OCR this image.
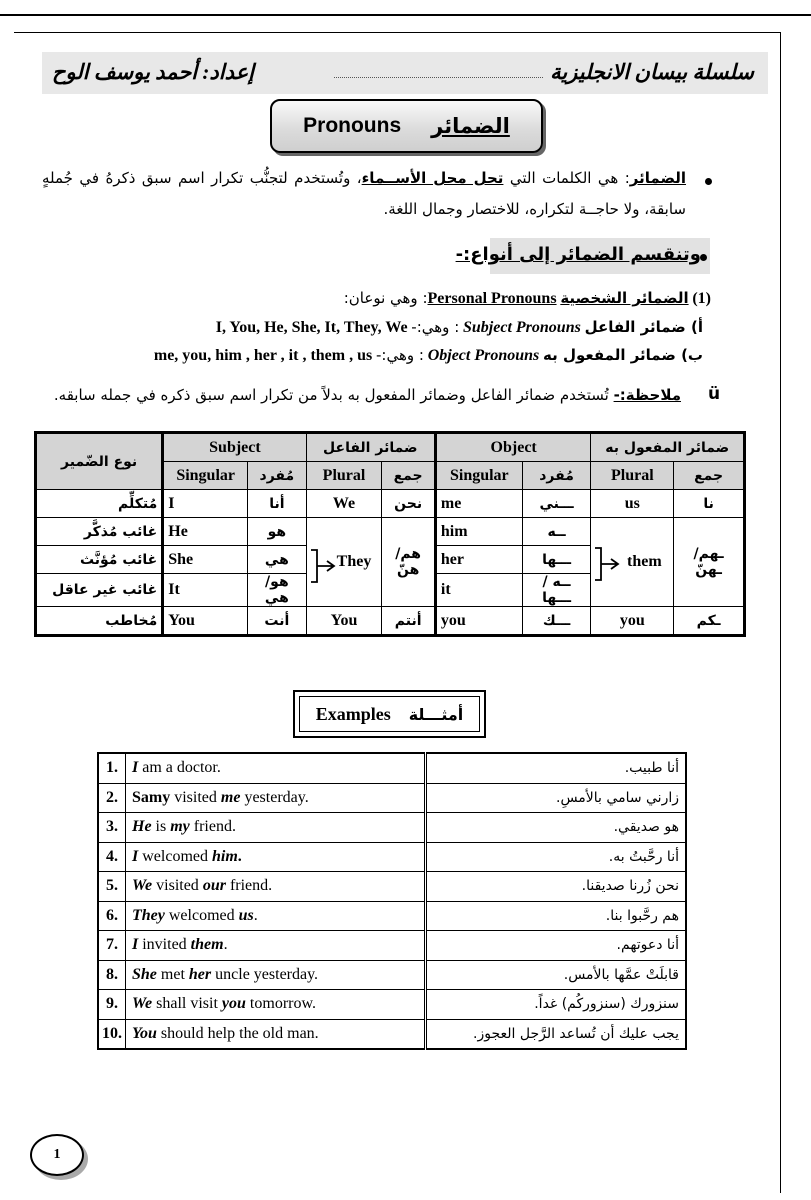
سلسلة بيسان الانجليزية
إعداد: أحمد يوسف الوح
Pronouns الضمائر
الضمائر: هي الكلمات التي تحل محل الأســماء، وتُستخدم لتجنُّب تكرار اسم سبق ذكرهُ في جُملهٍ سابقة، ولا حاجــة لتكراره، للاختصار وجمال اللغة.
وتنقسم الضمائر إلى أنواع:-
(1) الضمائر الشخصية Personal Pronouns: وهي نوعان:
أ) ضمائر الفاعل Subject Pronouns : وهي:- I, You, He, She, It, They, We
ب) ضمائر المفعول به Object Pronouns : وهي:- me, you, him , her , it , them , us
ü
ملاحظة:- تُستخدم ضمائر الفاعل وضمائر المفعول به بدلاً من تكرار اسم سبق ذكره في جمله سابقه.
نوع الضّمير	Subject		ضمائر الفاعل		Object		ضمائر المفعول به	
	Singular	مُفرد	Plural	جمع	Singular	مُفرد	Plural	جمع
مُتكلِّم	I	أنا	We	نحن	me	ـــني	us	نا
غائب مُذكَّر	He	هو	They	هم/هنّ	him	ــه	them	ـهم/ ـهنّ
غائب مُؤنَّث	She	هي			her	ـــها		
غائب غير عاقل	It	هو/ هي			it	ــه / ـــها		
مُخاطب	You	أنت	You	أنتم	you	ـــك	you	ـكم
Examples أمثـــلة
1.	I am a doctor.	أنا طبيب.
2.	Samy visited me yesterday.	زارني سامي بالأمسِ.
3.	He is my friend.	هو صديقي.
4.	I welcomed him.	أنا رحَّبتُ به.
5.	We visited our friend.	نحن زُرنا صديقنا.
6.	They welcomed us.	هم رحَّبوا بنا.
7.	I invited them.	أنا دعوتهم.
8.	She met her uncle yesterday.	قابلَتْ عمَّها بالأمس.
9.	We shall visit you tomorrow.	سنزورك (سنزوركُم) غداً.
10.	You should help the old man.	يجب عليك أن تُساعد الرَّجل العجوز.
1
